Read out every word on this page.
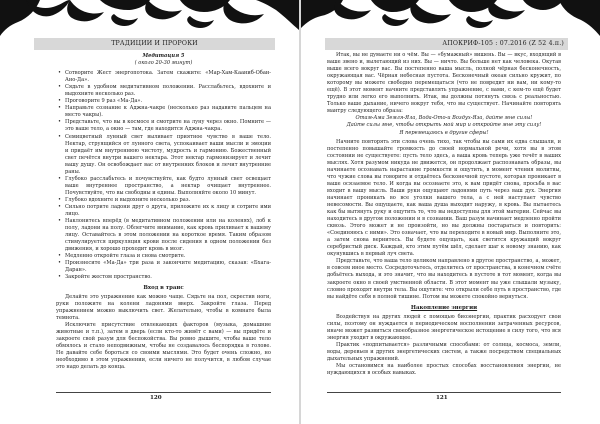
ТРАДИЦИИ И ПРОРОКИ
Медитация 5
( около 20-30 минут)
• Сотворите Жест энергопотока. Затем скажите: «Мар-Хам-Кааниб-Обан-Ано-Да».
• Сядьте в удобном медитативном положении. Расслабьтесь, вдохните и выдохните несколько раз.
• Проговорите 9 раз «Ма-Да».
• Направьте сознание к Аджна-чакре (несколько раз надавите пальцем на место чакры).
• Представьте, что вы в космосе и смотрите на луну через окно. Помните — это ваше тело, а окно — там, где находится Аджна-чакра.
• Семицветный лунный свет выливает приятное чувство в ваше тело. Нектар, струящийся от лунного света, успокаивает ваши мысли и эмоции и придаёт им внутреннюю чистоту, мудрость и гармонию. Божественный свет печётся внутри вашего нектара. Этот нектар гармонизирует и лечит вашу душу. Он освобождает вас от внутренних блоков и лечит внутренние раны.
• Глубоко расслабьтесь и почувствуйте, как будто лунный свет освещает ваше внутреннее пространство, а нектар очищает внутреннее. Почувствуйте, что вы свободны и едины. Выполняйте около 10 минут.
• Глубоко вдохните и выдохните несколько раз.
• Сильно потрите ладони друг о друга, приложите их к лицу и сотрите ими лицо.
• Наклонитесь вперёд (в медитативном положении или на коленях), лоб к полу, ладони на полу. Облегчите внимание, как кровь приливает к вашему лицу. Оставайтесь в этом положении на короткое время. Таким образом стимулируется циркуляция крови после сидения в одном положении без движения, и хорошо проходит кровь в мозг.
• Медленно откройте глаза и снова смотрите.
• Произнесите «Ма-Да» три раза и закончите медитацию, сказав: «Бхага-Даран».
• Закройте жестом пространство.
Вход в транс

Делайте это упражнение как можно чаще. Сядьте на пол, скрестив ноги, руки положите на колени ладонями вверх. Закройте глаза. Перед упражнением можно выключить свет. Желательно, чтобы в комнате была темнота.

Исключите присутствие отвлекающих факторов (музыка, домашние животные и т.п.), затем в дверь (если кто-то живёт с вами) — вы придёте и закроете свой разум для беспокойства. Вы ровно дышите, чтобы ваше тело обмялось и стало неподвижным, чтобы не создавалось беспорядка в голове. Не давайте себе бороться со своими мыслями. Это будет очень сложно, но необходимо в этом упражнении, если ничего не получится, в любом случае это надо делать до конца.

120
АПОКРИФ-105 : 07.2016 (Z 52 4.п.)

Итак, вы не думаете ни о чём. Вы — «бумажный» вишень. Вы — вкус, входящий в ваше звено и, вылетающий из них. Вы — ничто. Вы больше нет как человека. Окутав выше всего вокруг вас. Вы постепенно ваша мысль, полной чёрная бесконечность, окружающая вас. Чёрная небесная пустота. Бесконечный океан сильно кружит, по которому вы можете свободно перемещаться (что не повредит ни вам, ни кому-то ещё). В этот момент начните представлять упражнение, с вами, с кем-то ещё будет трудно или легко его выполнить. Итак, вы должны потянуть связь с реальностью. Только ваше дыхание, ничего вокруг тебя, что вы существует. Начинайте повторять мантру следующего образа:

Отам-Ама Земля-Яла, Вода-Ото-и Воздух-Яза, дайте мне силы!
Дайте силы мне, чтобы открыть мой мир и откройте мне эту силу!
Я перемещаюсь в другие сферы!

Начните повторять эти слова очень тихо, так чтобы вы сами их едва слышали, и постепенно повышайте громкость до своей нормальной речи, хотя вы в этом состоянии не существуете: пусть тело здесь, а ваша кровь теперь уже течёт в ваших мыслях. Хотя разумом никуда не движется, он продолжает распознавать образы, вы начинаете осознавать нарастание громкости и ощутить, в момент чтения молитвы, что чужие слова вы говорите и отдаётесь бесконечной пустоте, которая проникает в ваше осязаемое тело. И когда вы осознаете это, к вам придёт снова, просьба в вас входит в вашу мысль. Ваши руки ощущают ладонями путь через ваш дух. Энергия начинает проникать во все уголки вашего тела, а с ней наступает чувство невесомости. Вы ощущаете, как ваша душа выходит наружу, в кровь. Вы пытаетесь как бы вытянуть руку и ощутить то, что вы недоступны для этой материи. Сейчас вы находитесь в другом положении и в сознании. Ваш разум начинает медленно пройти сквозь. Этого может и не произойти, но вы должны постараться и повторить: «Соединяюсь с ними». Это означает, что вы переходите в новый мир. Выполните это, а затем снова вернитесь. Вы будете ощущать, как светится кружащий вокруг серебристый диск. Каждый, кто этим путём шёл, сделает шаг к новому знанию, как окунувшись в первый луч света.

Представьте, что ваша тело целиком направлено в другое пространство, а, может, в совсем иное место. Сосредоточьтесь, отделитесь от пространства, в конечном счёте добьётесь выхода, и это значит, что вы находитесь в пустоте в тот момент, когда вы закроете окно в своей умственной области. В этот момент вы уже слышали музыку, словно проходят внутри тела. Вы ощутите: что открыли себе путь в пространство, где вы найдёте себя в полной тишине. Потом вы можете спокойно вернуться.

Накопление энергии

Воздействуя на других людей с помощью биоэнергии, практик расходует свои силы, поэтому он нуждается в периодическом восполнении затраченных ресурсов, иначе может развиться своеобразное энергетическое истощение в силу того, что вся энергия уходит в окружающее.

Практик «подпитывается» различными способами: от солнца, космоса, земли, воды, деревьев и других энергетических систем, а также посредством специальных дыхательных упражнений.

Мы остановимся на наиболее простых способах восстановления энергии, не нуждающихся в особых навыках.

121
